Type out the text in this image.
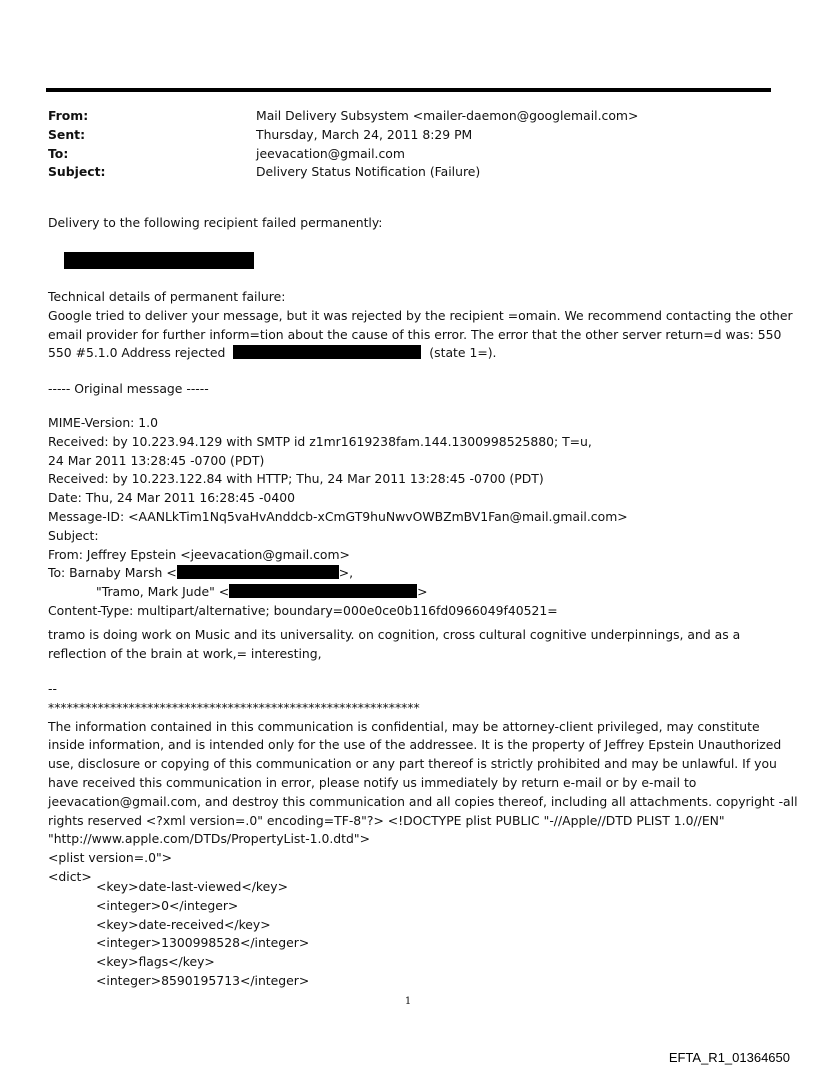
From:	Mail Delivery Subsystem <mailer-daemon@googlemail.com>
Sent:	Thursday, March 24, 2011 8:29 PM
To:	jeevacation@gmail.com
Subject:	Delivery Status Notification (Failure)
Delivery to the following recipient failed permanently:
Technical details of permanent failure:
Google tried to deliver your message, but it was rejected by the recipient =omain. We recommend contacting the other
email provider for further inform=tion about the cause of this error. The error that the other server return=d was: 550
550 #5.1.0 Address rejected	(state 1=).
----- Original message -----
MIME-Version: 1.0
Received: by 10.223.94.129 with SMTP id z1mr1619238fam.144.1300998525880; T=u,
24 Mar 2011 13:28:45 -0700 (PDT)
Received: by 10.223.122.84 with HTTP; Thu, 24 Mar 2011 13:28:45 -0700 (PDT)
Date: Thu, 24 Mar 2011 16:28:45 -0400
Message-ID: <AANLkTim1Nq5vaHvAnddcb-xCmGT9huNwvOWBZmBV1Fan@mail.gmail.com>
Subject:
From: Jeffrey Epstein <jeevacation@gmail.com>
To: Barnaby Marsh <	>,
"Tramo, Mark Jude" <	>
Content-Type: multipart/alternative; boundary=000e0ce0b116fd0966049f40521=
tramo is doing work on Music and its universality. on cognition, cross cultural cognitive underpinnings, and as a
reflection of the brain at work,= interesting,
--
************************************************************
The information contained in this communication is confidential, may be attorney-client privileged, may constitute
inside information, and is intended only for the use of the addressee. It is the property of Jeffrey Epstein Unauthorized
use, disclosure or copying of this communication or any part thereof is strictly prohibited and may be unlawful. If you
have received this communication in error, please notify us immediately by return e-mail or by e-mail to
jeevacation@gmail.com, and destroy this communication and all copies thereof, including all attachments. copyright -all
rights reserved <?xml version=.0" encoding=TF-8"?> <!DOCTYPE plist PUBLIC "-//Apple//DTD PLIST 1.0//EN"
"http://www.apple.com/DTDs/PropertyList-1.0.dtd">
<plist version=.0">
<dict>
<key>date-last-viewed</key>
<integer>0</integer>
<key>date-received</key>
<integer>1300998528</integer>
<key>flags</key>
<integer>8590195713</integer>
1
EFTA_R1_01364650
